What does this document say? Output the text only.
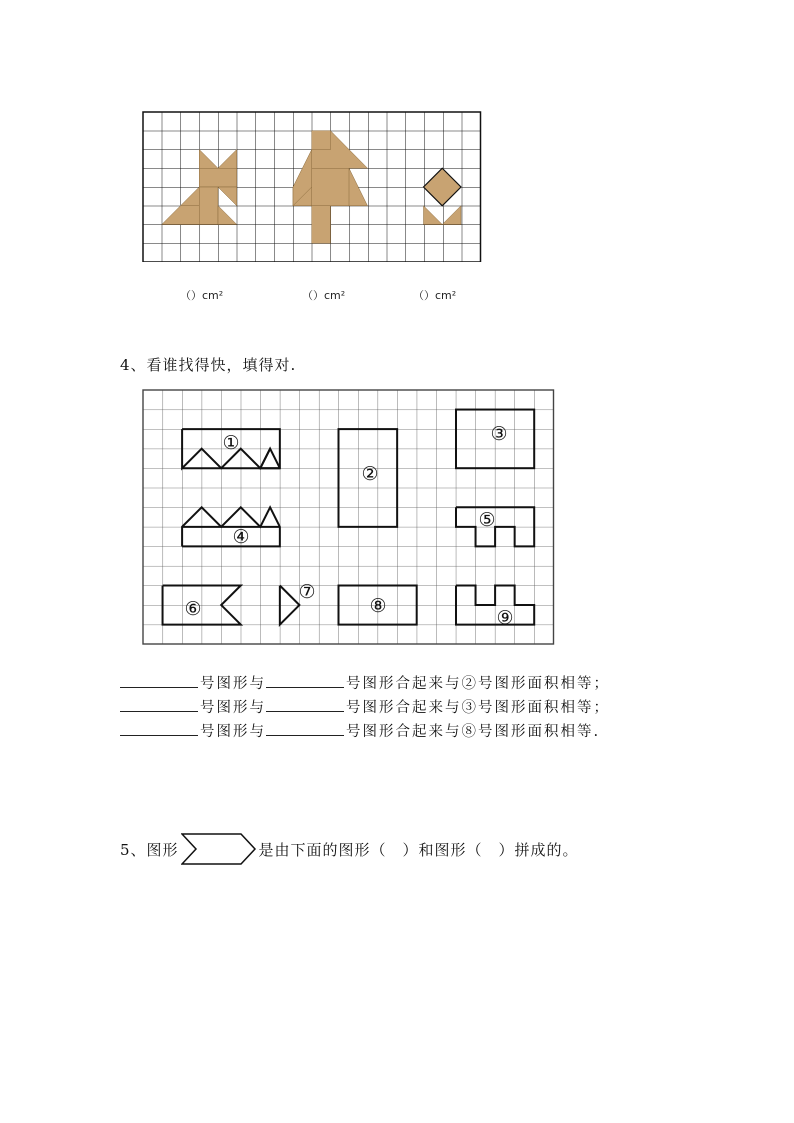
（）cm²	（）cm²	（）cm²
4、看谁找得快，填得对.
①
②
③
④
⑤
⑥
⑦
⑧
⑨
号图形与	号图形合起来与②号图形面积相等；
号图形与	号图形合起来与③号图形面积相等；
号图形与	号图形合起来与⑧号图形面积相等.
5、图形	是由下面的图形（　）和图形（　）拼成的。
